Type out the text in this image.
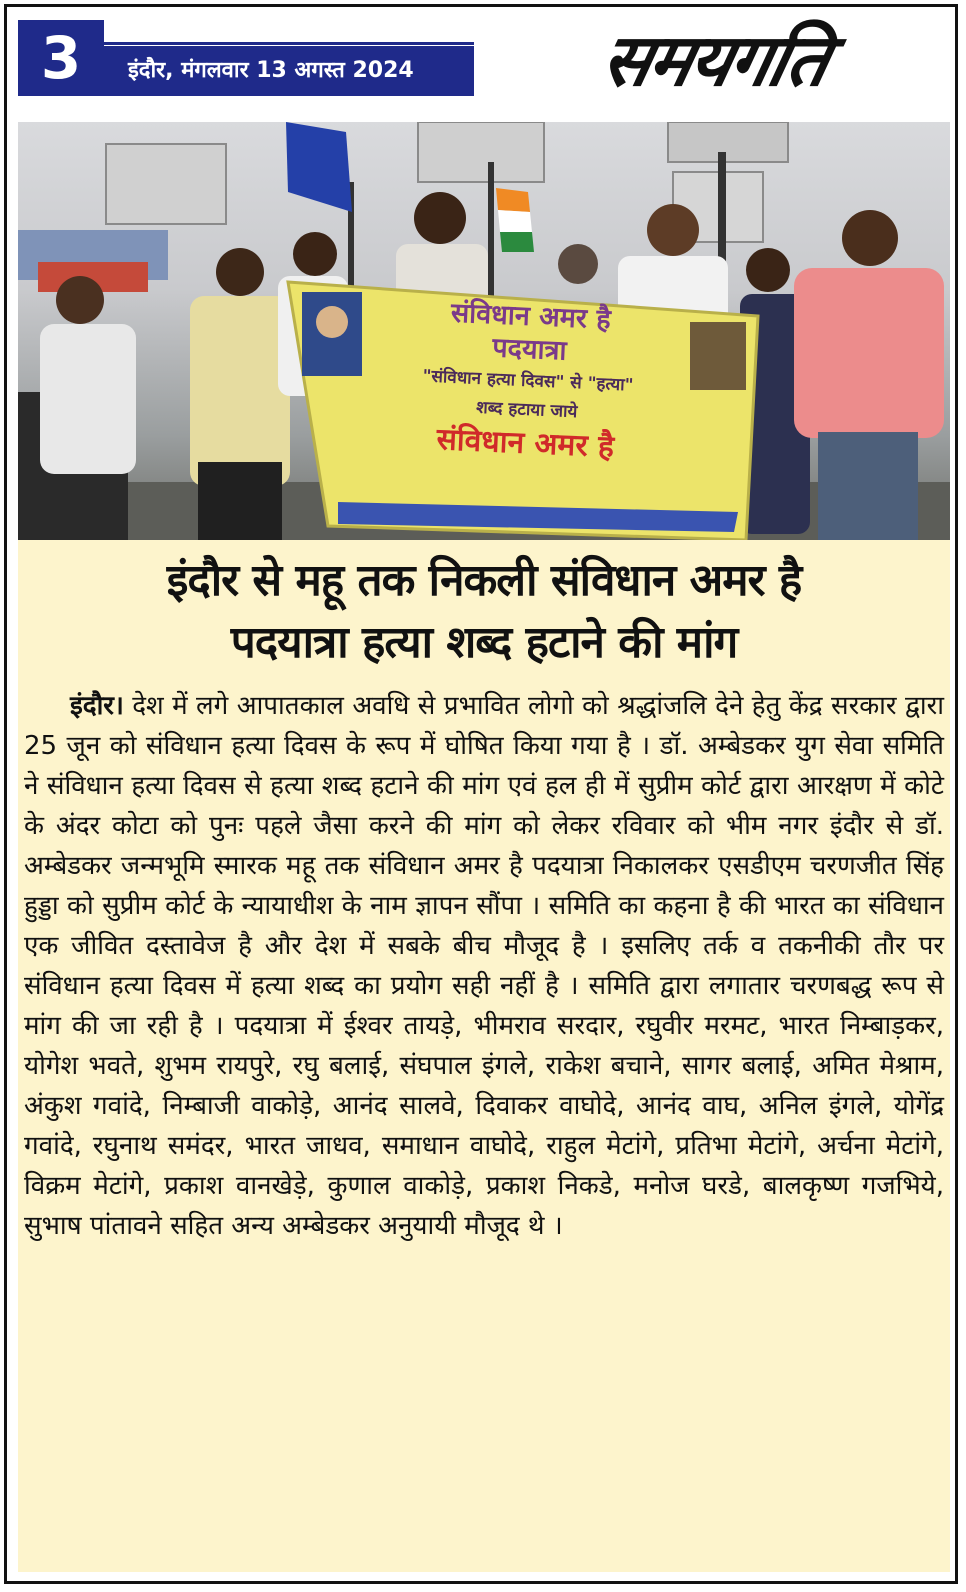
3	इंदौर, मंगलवार 13 अगस्त 2024	समयगति
संविधान अमर है
पदयात्रा
"संविधान हत्या दिवस" से "हत्या"
शब्द हटाया जाये
संविधान अमर है
इंदौर से महू तक निकली संविधान अमर है
पदयात्रा हत्या शब्द हटाने की मांग
इंदौर। देश में लगे आपातकाल अवधि से प्रभावित लोगो को श्रद्धांजलि देने हेतु केंद्र सरकार द्वारा 25 जून को संविधान हत्या दिवस के रूप में घोषित किया गया है । डॉ. अम्बेडकर युग सेवा समिति ने संविधान हत्या दिवस से हत्या शब्द हटाने की मांग एवं हल ही में सुप्रीम कोर्ट द्वारा आरक्षण में कोटे के अंदर कोटा को पुनः पहले जैसा करने की मांग को लेकर रविवार को भीम नगर इंदौर से डॉ. अम्बेडकर जन्मभूमि स्मारक महू तक संविधान अमर है पदयात्रा निकालकर एसडीएम चरणजीत सिंह हुड्डा को सुप्रीम कोर्ट के न्यायाधीश के नाम ज्ञापन सौंपा । समिति का कहना है की भारत का संविधान एक जीवित दस्तावेज है और देश में सबके बीच मौजूद है । इसलिए तर्क व तकनीकी तौर पर संविधान हत्या दिवस में हत्या शब्द का प्रयोग सही नहीं है । समिति द्वारा लगातार चरणबद्ध रूप से मांग की जा रही है । पदयात्रा में ईश्वर तायड़े, भीमराव सरदार, रघुवीर मरमट, भारत निम्बाड़कर, योगेश भवते, शुभम रायपुरे, रघु बलाई, संघपाल इंगले, राकेश बचाने, सागर बलाई, अमित मेश्राम, अंकुश गवांदे, निम्बाजी वाकोड़े, आनंद सालवे, दिवाकर वाघोदे, आनंद वाघ, अनिल इंगले, योगेंद्र गवांदे, रघुनाथ समंदर, भारत जाधव, समाधान वाघोदे, राहुल मेटांगे, प्रतिभा मेटांगे, अर्चना मेटांगे, विक्रम मेटांगे, प्रकाश वानखेड़े, कुणाल वाकोड़े, प्रकाश निकडे, मनोज घरडे, बालकृष्ण गजभिये, सुभाष पांतावने सहित अन्य अम्बेडकर अनुयायी मौजूद थे ।
